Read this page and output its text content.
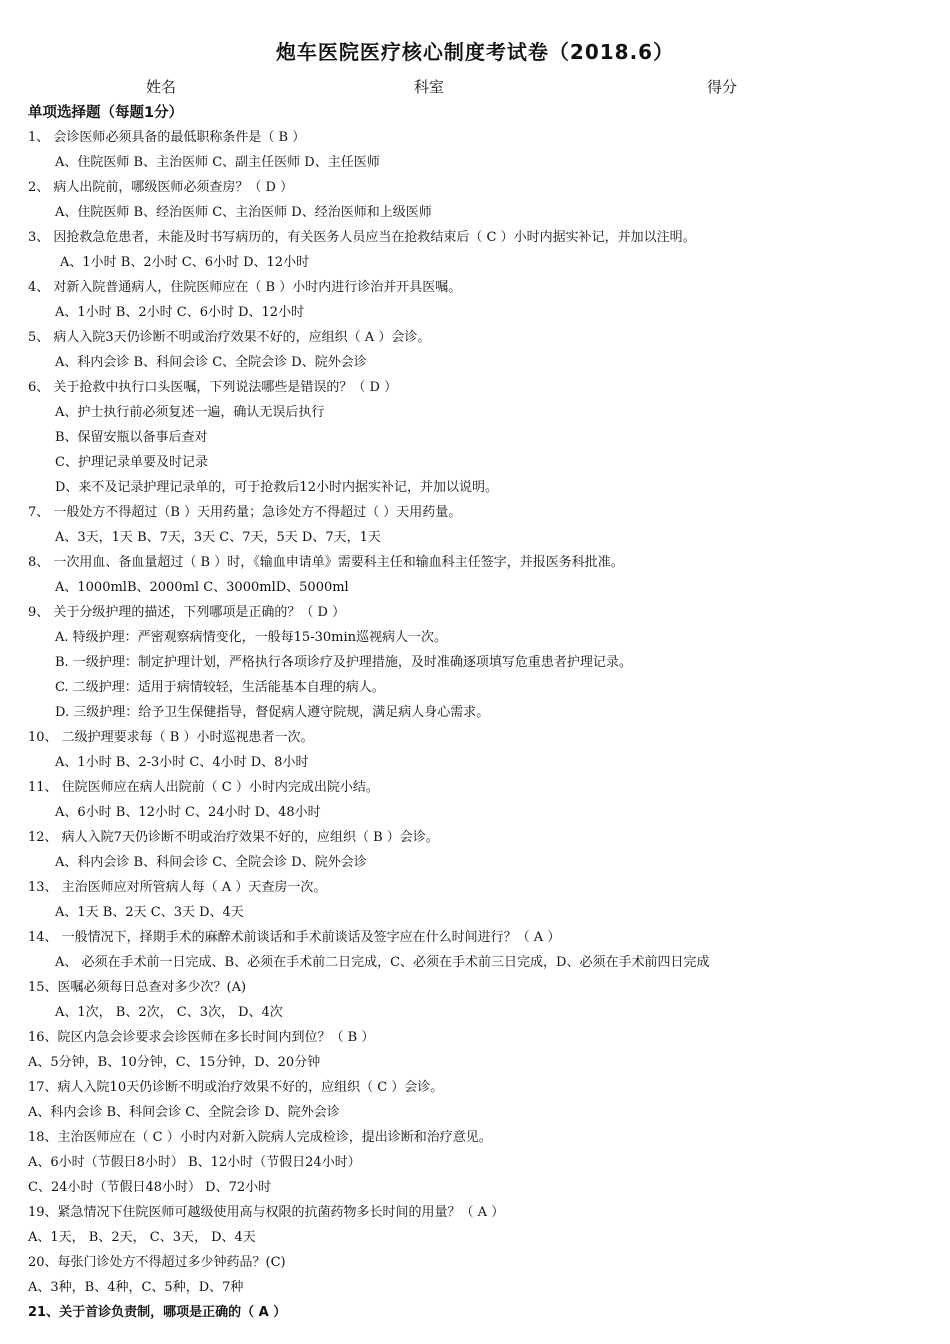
炮车医院医疗核心制度考试卷（2018.6）
姓名	科室	得分
单项选择题（每题1分）
1、 会诊医师必须具备的最低职称条件是（ B ）
A、住院医师 B、主治医师 C、副主任医师 D、主任医师
2、 病人出院前，哪级医师必须查房？（ D ）
A、住院医师 B、经治医师 C、主治医师 D、经治医师和上级医师
3、 因抢救急危患者，未能及时书写病历的，有关医务人员应当在抢救结束后（ C ）小时内据实补记，并加以注明。
A、1小时 B、2小时 C、6小时 D、12小时
4、 对新入院普通病人，住院医师应在（ B ）小时内进行诊治并开具医嘱。
A、1小时 B、2小时 C、6小时 D、12小时
5、 病人入院3天仍诊断不明或治疗效果不好的，应组织（ A ）会诊。
A、科内会诊 B、科间会诊 C、全院会诊 D、院外会诊
6、 关于抢救中执行口头医嘱，下列说法哪些是错误的？（ D ）
A、护士执行前必须复述一遍，确认无误后执行
B、保留安瓶以备事后查对
C、护理记录单要及时记录
D、来不及记录护理记录单的，可于抢救后12小时内据实补记，并加以说明。
7、 一般处方不得超过（B ）天用药量；急诊处方不得超过（ ）天用药量。
A、3天，1天 B、7天，3天 C、7天，5天 D、7天，1天
8、 一次用血、备血量超过（ B ）时，《输血申请单》需要科主任和输血科主任签字，并报医务科批准。
A、1000mlB、2000ml C、3000mlD、5000ml
9、 关于分级护理的描述，下列哪项是正确的？（ D ）
A. 特级护理：严密观察病情变化，一般每15-30min巡视病人一次。
B. 一级护理：制定护理计划，严格执行各项诊疗及护理措施，及时准确逐项填写危重患者护理记录。
C. 二级护理：适用于病情较轻，生活能基本自理的病人。
D. 三级护理：给予卫生保健指导，督促病人遵守院规，满足病人身心需求。
10、 二级护理要求每（ B ）小时巡视患者一次。
A、1小时 B、2-3小时 C、4小时 D、8小时
11、 住院医师应在病人出院前（ C ）小时内完成出院小结。
A、6小时 B、12小时 C、24小时 D、48小时
12、 病人入院7天仍诊断不明或治疗效果不好的，应组织（ B ）会诊。
A、科内会诊 B、科间会诊 C、全院会诊 D、院外会诊
13、 主治医师应对所管病人每（ A ）天查房一次。
A、1天 B、2天 C、3天 D、4天
14、 一般情况下，择期手术的麻醉术前谈话和手术前谈话及签字应在什么时间进行？（ A ）
A、 必须在手术前一日完成、B、必须在手术前二日完成，C、必须在手术前三日完成，D、必须在手术前四日完成
15、医嘱必须每日总查对多少次？(A)
A、1次， B、2次， C、3次， D、4次
16、院区内急会诊要求会诊医师在多长时间内到位？（ B ）
A、5分钟，B、10分钟，C、15分钟，D、20分钟
17、病人入院10天仍诊断不明或治疗效果不好的，应组织（ C ）会诊。
A、科内会诊 B、科间会诊 C、全院会诊 D、院外会诊
18、主治医师应在（ C ）小时内对新入院病人完成检诊，提出诊断和治疗意见。
A、6小时（节假日8小时） B、12小时（节假日24小时）
C、24小时（节假日48小时） D、72小时
19、紧急情况下住院医师可越级使用高与权限的抗菌药物多长时间的用量？（ A ）
A、1天， B、2天， C、3天， D、4天
20、每张门诊处方不得超过多少钟药品？(C)
A、3种，B、4种，C、5种，D、7种
21、关于首诊负责制，哪项是正确的（ A ）
